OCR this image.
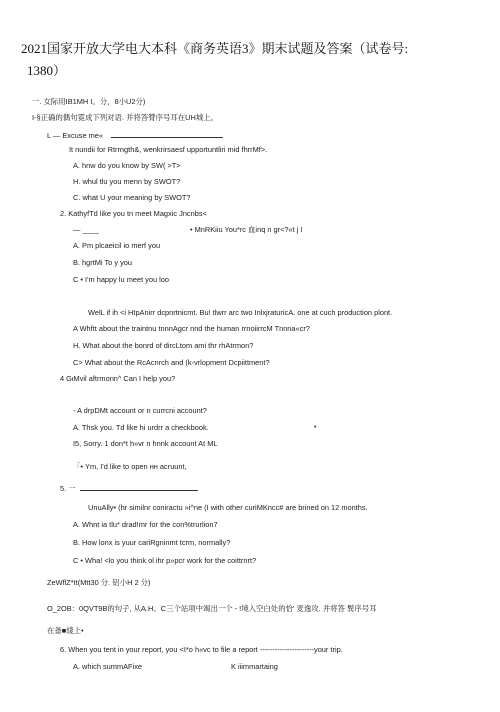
2021国家开放大学电大本科《商务英语3》期末试题及答案（试卷号:
1380）
一. 女际用IB1MH I。分，8小U2分)
I-§正确的偶句霓成下列对语. 并将答甧序号耳在UH城上。
L — Excuse me«
It nundii for Rtrrngth&, wenkrirsaesf upportuntliri mid fhrrMf>.
A. hnw do you know by SW( >T>
H. whul tlu you menn by SWOT?
C. what U your meaning by SWOT?
2. KathyfTd like you tn meet Magxic Jncnbs<
— ____	• MnRKiiu You*rc 血inq n gr<?«t j I
A. Pm plcaeicil io merf you
B. hgrtMi To y you
C • I'm happy lu meet you loo
WelL if ih <i HtpAnirr dcpnrtnicmt. Bu! tlwrr arc two InlxjraturicA. one at cuch production plont.
A Whftt about the traintnu tnnnAgcr nnd the human rrnoiirrcM Tnnna«cr?
H. What about the bonrd of dircLtom ami thr rhAtrmon?
C> What about the RcAcnrch and (k-vrlopment Dcpiittment?
4 GιMvil aftrmonn^ Can I help you?
- A drpDMt account or n currcni account?
A. Thsk you. Td like hi urdrr a checkbook.	•
I5, Sorry. 1 don*t h»vr n hnnk account At ML
「• Ym, I'd like to open нн acruunt,
5. 一
UnuAlly• (hr similnr coniractu »i^ne (I with other curiMKncc# are brined on 12 months.
A. Whnt ia tlu* drad!mr for the con%trurlion7
B. How lonx is yuur cariRgninmt tcrm, normally?
C • Wha! <lo you think ol ihr p»pcr work for the coittrnrt?
ZeWflZ*tt(Mtt30 分. 铝小H 2 分)
O_2OB：0QVT9B的句子, 从A.H、C三个站項中竭出一个 - !境入空白处的恰' 麦逸攻. 并将答 髸序号耳
在备■綫上•
6. When you tent in your report, you <I*o h«vc to file a report ----------------------your trip.
A. which summAFixe	K iiimmartaing
